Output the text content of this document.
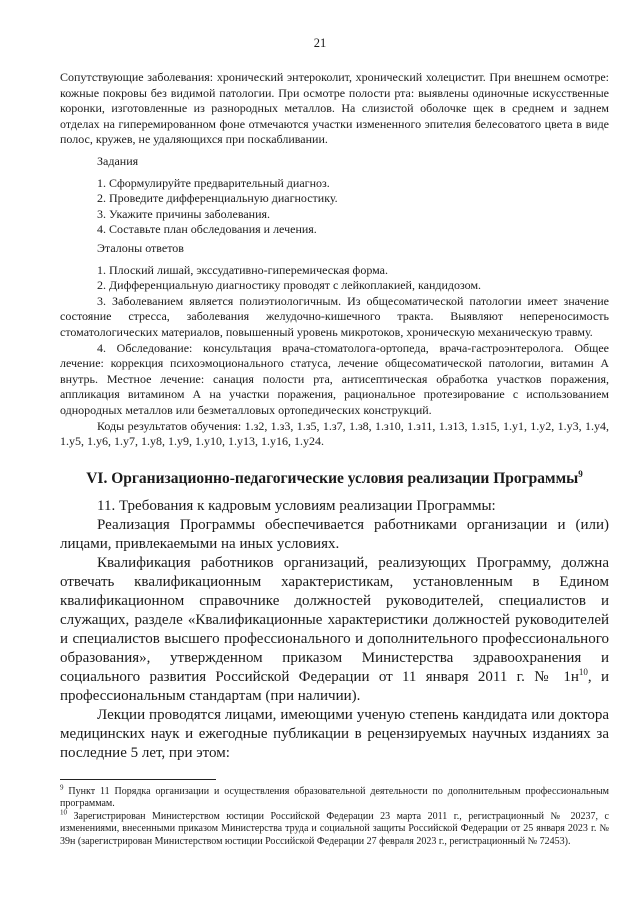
21

Сопутствующие заболевания: хронический энтероколит, хронический холецистит. При внешнем осмотре: кожные покровы без видимой патологии. При осмотре полости рта: выявлены одиночные искусственные коронки, изготовленные из разнородных металлов. На слизистой оболочке щек в среднем и заднем отделах на гиперемированном фоне отмечаются участки измененного эпителия белесоватого цвета в виде полос, кружев, не удаляющихся при поскабливании.

Задания

1. Сформулируйте предварительный диагноз.

2. Проведите дифференциальную диагностику.

3. Укажите причины заболевания.

4. Составьте план обследования и лечения.

Эталоны ответов

1. Плоский лишай, экссудативно-гиперемическая форма.

2. Дифференциальную диагностику проводят с лейкоплакией, кандидозом.

3. Заболеванием является полиэтиологичным. Из общесоматической патологии имеет значение состояние стресса, заболевания желудочно-кишечного тракта. Выявляют непереносимость стоматологических материалов, повышенный уровень микротоков, хроническую механическую травму.

4. Обследование: консультация врача-стоматолога-ортопеда, врача-гастроэнтеролога. Общее лечение: коррекция психоэмоционального статуса, лечение общесоматической патологии, витамин А внутрь. Местное лечение: санация полости рта, антисептическая обработка участков поражения, аппликация витамином А на участки поражения, рациональное протезирование с использованием однородных металлов или безметалловых ортопедических конструкций.

Коды результатов обучения: 1.з2, 1.з3, 1.з5, 1.з7, 1.з8, 1.з10, 1.з11, 1.з13, 1.з15, 1.у1, 1.у2, 1.у3, 1.у4, 1.у5, 1.у6, 1.у7, 1.у8, 1.у9, 1.у10, 1.у13, 1.у16, 1.у24.

VI. Организационно-педагогические условия реализации Программы$^9$

11. Требования к кадровым условиям реализации Программы:

Реализация Программы обеспечивается работниками организации и (или) лицами, привлекаемыми на иных условиях.

Квалификация работников организаций, реализующих Программу, должна отвечать квалификационным характеристикам, установленным в Едином квалификационном справочнике должностей руководителей, специалистов и служащих, разделе «Квалификационные характеристики должностей руководителей и специалистов высшего профессионального и дополнительного профессионального образования», утвержденном приказом Министерства здравоохранения и социального развития Российской Федерации от 11 января 2011 г. № $1н^{10}$, и профессиональным стандартам (при наличии).

Лекции проводятся лицами, имеющими ученую степень кандидата или доктора медицинских наук и ежегодные публикации в рецензируемых научных изданиях за последние 5 лет, при этом:

$^9$ Пункт 11 Порядка организации и осуществления образовательной деятельности по дополнительным профессиональным программам.

$^{10}$ Зарегистрирован Министерством юстиции Российской Федерации 23 марта 2011 г., регистрационный № 20237, с изменениями, внесенными приказом Министерства труда и социальной защиты Российской Федерации от 25 января 2023 г. № 39н (зарегистрирован Министерством юстиции Российской Федерации 27 февраля 2023 г., регистрационный № 72453).
